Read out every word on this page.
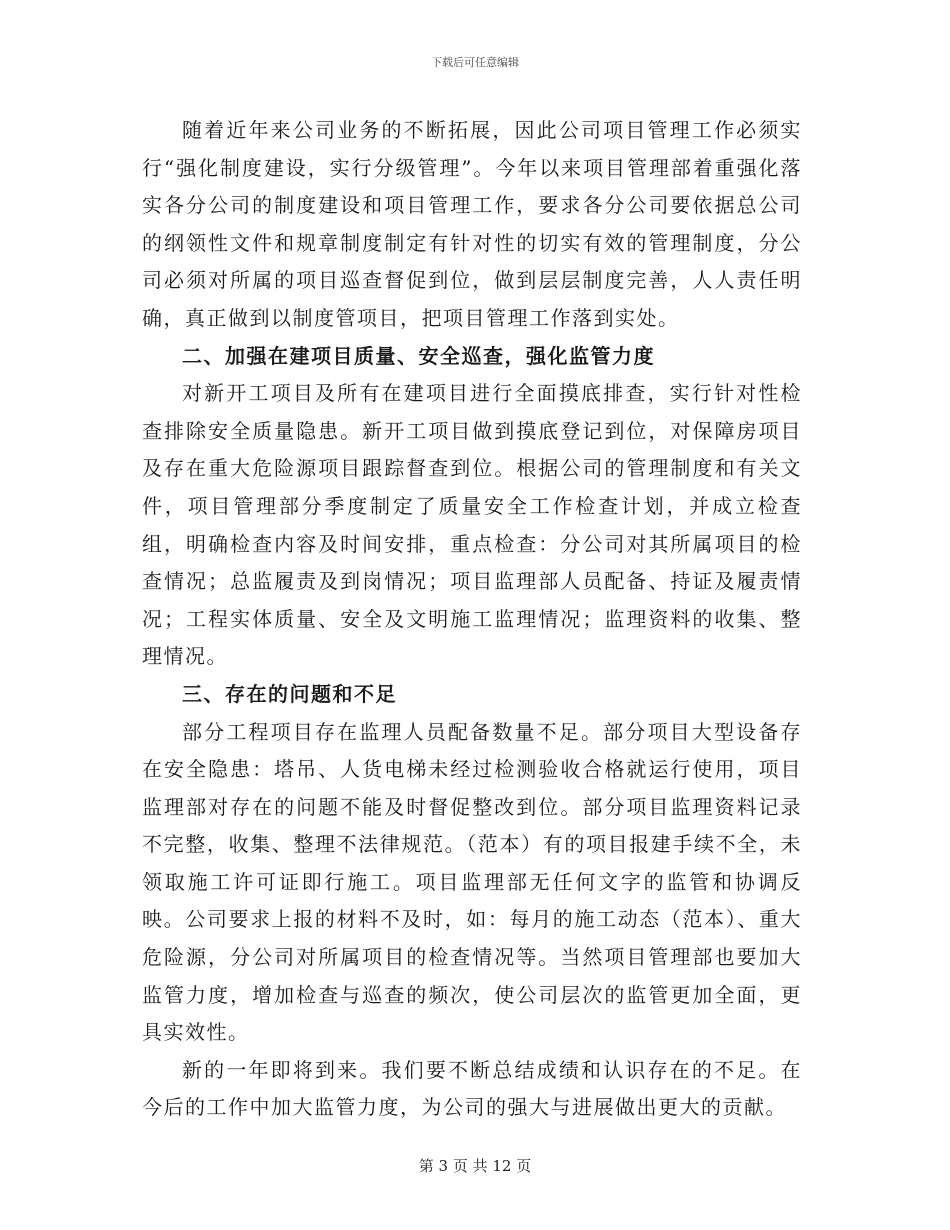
下载后可任意编辑

随着近年来公司业务的不断拓展，因此公司项目管理工作必须实行“强化制度建设，实行分级管理”。今年以来项目管理部着重强化落实各分公司的制度建设和项目管理工作，要求各分公司要依据总公司的纲领性文件和规章制度制定有针对性的切实有效的管理制度，分公司必须对所属的项目巡查督促到位，做到层层制度完善，人人责任明确，真正做到以制度管项目，把项目管理工作落到实处。

二、加强在建项目质量、安全巡查，强化监管力度

对新开工项目及所有在建项目进行全面摸底排查，实行针对性检查排除安全质量隐患。新开工项目做到摸底登记到位，对保障房项目及存在重大危险源项目跟踪督查到位。根据公司的管理制度和有关文件，项目管理部分季度制定了质量安全工作检查计划，并成立检查组，明确检查内容及时间安排，重点检查：分公司对其所属项目的检查情况；总监履责及到岗情况；项目监理部人员配备、持证及履责情况；工程实体质量、安全及文明施工监理情况；监理资料的收集、整理情况。

三、存在的问题和不足

部分工程项目存在监理人员配备数量不足。部分项目大型设备存在安全隐患：塔吊、人货电梯未经过检测验收合格就运行使用，项目监理部对存在的问题不能及时督促整改到位。部分项目监理资料记录不完整，收集、整理不法律规范。（范本）有的项目报建手续不全，未领取施工许可证即行施工。项目监理部无任何文字的监管和协调反映。公司要求上报的材料不及时，如：每月的施工动态（范本）、重大危险源，分公司对所属项目的检查情况等。当然项目管理部也要加大监管力度，增加检查与巡查的频次，使公司层次的监管更加全面，更具实效性。

新的一年即将到来。我们要不断总结成绩和认识存在的不足。在今后的工作中加大监管力度，为公司的强大与进展做出更大的贡献。

第 3 页 共 12 页
